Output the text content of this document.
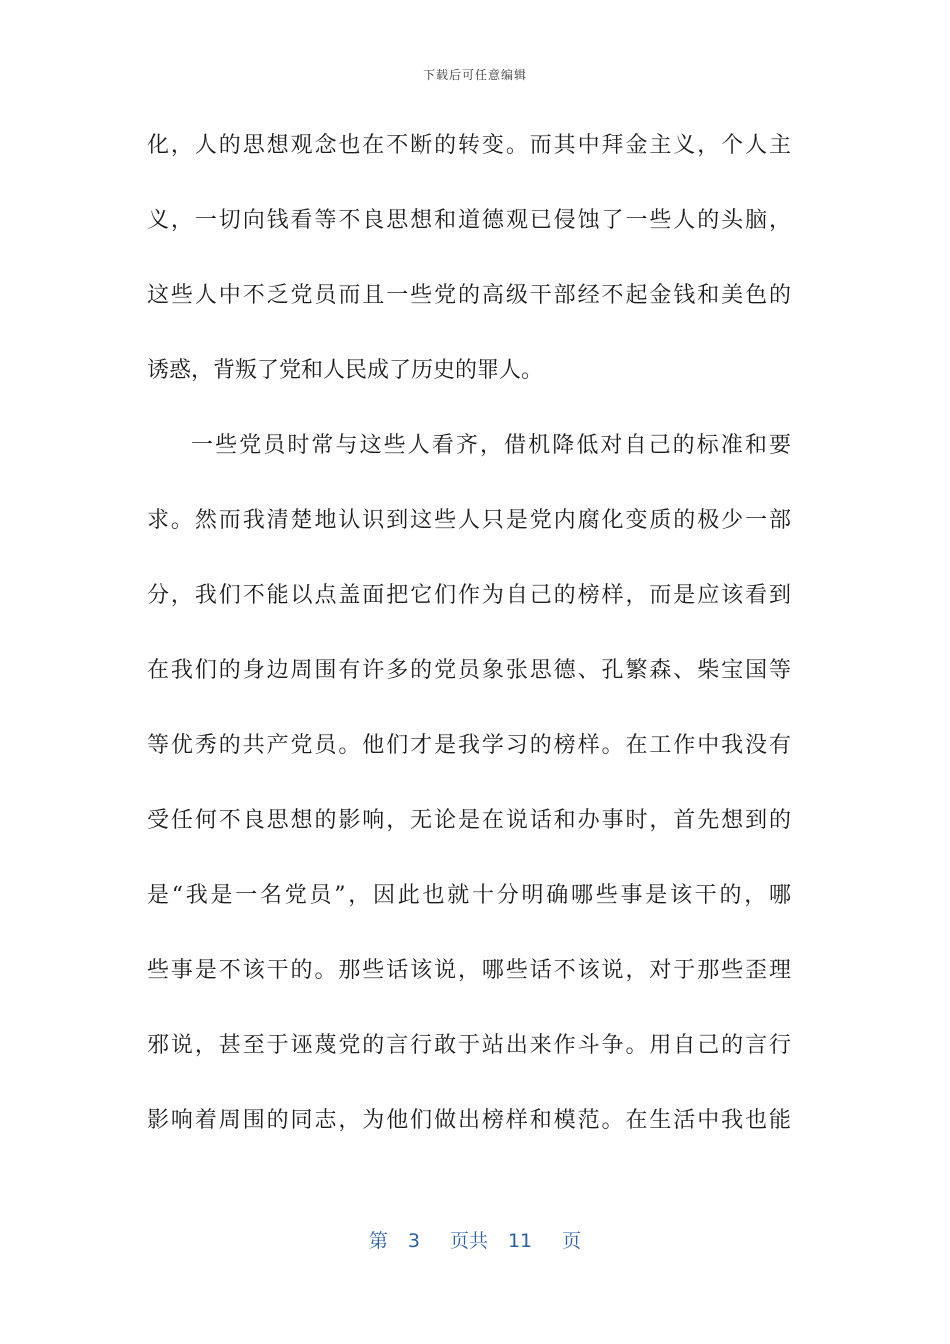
下载后可任意编辑
化，人的思想观念也在不断的转变。而其中拜金主义，个人主
义，一切向钱看等不良思想和道德观已侵蚀了一些人的头脑，
这些人中不乏党员而且一些党的高级干部经不起金钱和美色的
诱惑，背叛了党和人民成了历史的罪人。
一些党员时常与这些人看齐，借机降低对自己的标准和要
求。然而我清楚地认识到这些人只是党内腐化变质的极少一部
分，我们不能以点盖面把它们作为自己的榜样，而是应该看到
在我们的身边周围有许多的党员象张思德、孔繁森、柴宝国等
等优秀的共产党员。他们才是我学习的榜样。在工作中我没有
受任何不良思想的影响，无论是在说话和办事时，首先想到的
是“我是一名党员”，因此也就十分明确哪些事是该干的，哪
些事是不该干的。那些话该说，哪些话不该说，对于那些歪理
邪说，甚至于诬蔑党的言行敢于站出来作斗争。用自己的言行
影响着周围的同志，为他们做出榜样和模范。在生活中我也能
第 3 页共 11 页
